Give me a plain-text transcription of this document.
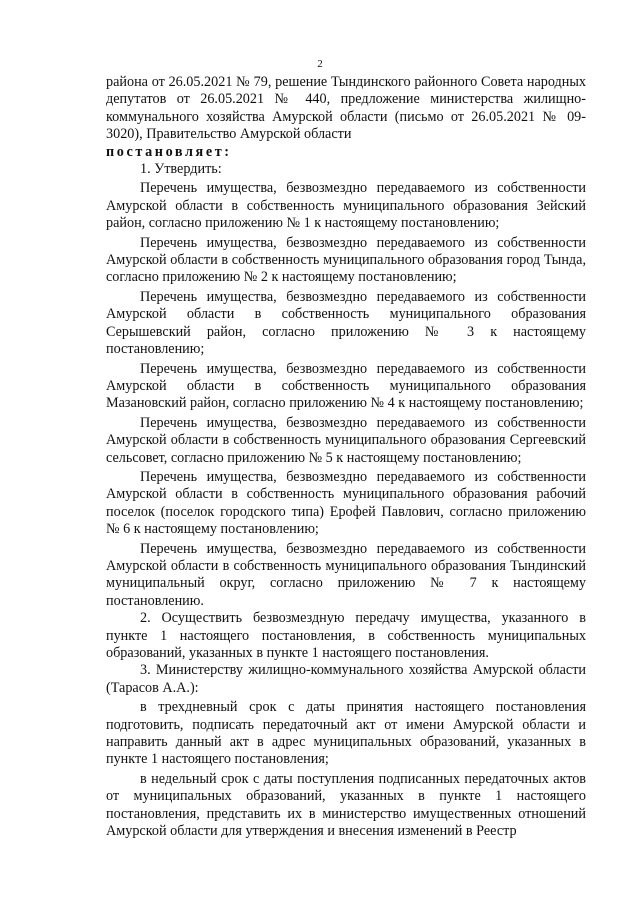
2

района от 26.05.2021 № 79, решение Тындинского районного Совета народных депутатов от 26.05.2021 № 440, предложение министерства жилищно-коммунального хозяйства Амурской области (письмо от 26.05.2021 № 09-3020), Правительство Амурской области

постановляет:

1. Утвердить:

Перечень имущества, безвозмездно передаваемого из собственности Амурской области в собственность муниципального образования Зейский район, согласно приложению № 1 к настоящему постановлению;

Перечень имущества, безвозмездно передаваемого из собственности Амурской области в собственность муниципального образования город Тында, согласно приложению № 2 к настоящему постановлению;

Перечень имущества, безвозмездно передаваемого из собственности Амурской области в собственность муниципального образования Серышевский район, согласно приложению № 3 к настоящему постановлению;

Перечень имущества, безвозмездно передаваемого из собственности Амурской области в собственность муниципального образования Мазановский район, согласно приложению № 4 к настоящему постановлению;

Перечень имущества, безвозмездно передаваемого из собственности Амурской области в собственность муниципального образования Сергеевский сельсовет, согласно приложению № 5 к настоящему постановлению;

Перечень имущества, безвозмездно передаваемого из собственности Амурской области в собственность муниципального образования рабочий поселок (поселок городского типа) Ерофей Павлович, согласно приложению № 6 к настоящему постановлению;

Перечень имущества, безвозмездно передаваемого из собственности Амурской области в собственность муниципального образования Тындинский муниципальный округ, согласно приложению № 7 к настоящему постановлению.

2. Осуществить безвозмездную передачу имущества, указанного в пункте 1 настоящего постановления, в собственность муниципальных образований, указанных в пункте 1 настоящего постановления.

3. Министерству жилищно-коммунального хозяйства Амурской области (Тарасов А.А.):

в трехдневный срок с даты принятия настоящего постановления подготовить, подписать передаточный акт от имени Амурской области и направить данный акт в адрес муниципальных образований, указанных в пункте 1 настоящего постановления;

в недельный срок с даты поступления подписанных передаточных актов от муниципальных образований, указанных в пункте 1 настоящего постановления, представить их в министерство имущественных отношений Амурской области для утверждения и внесения изменений в Реестр
